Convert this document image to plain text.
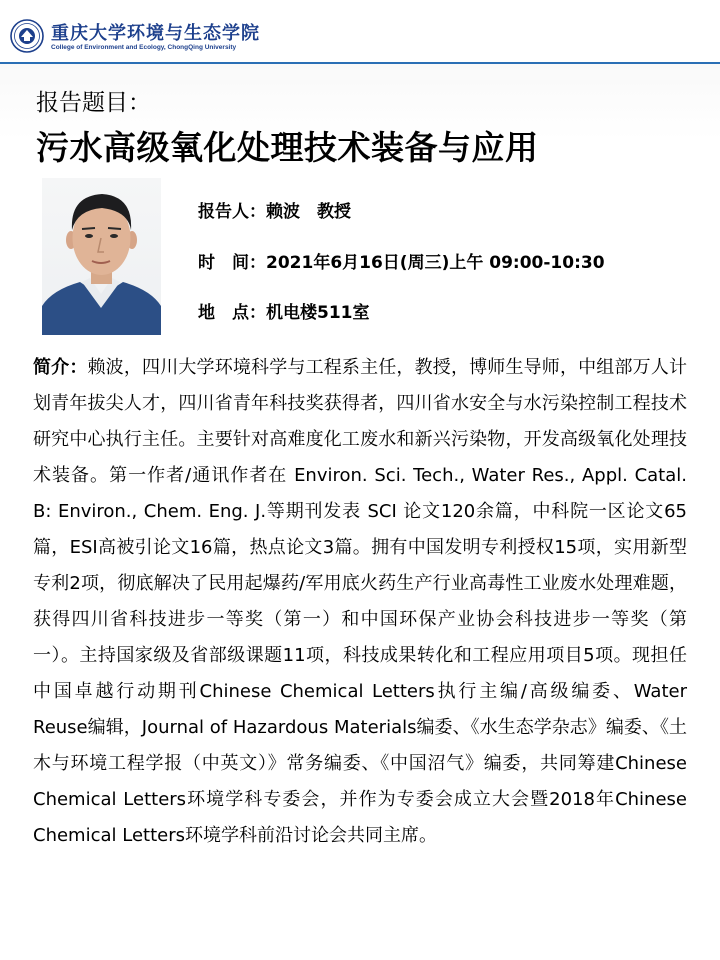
重庆大学环境与生态学院
College of Environment and Ecology, ChongQing University
报告题目：
污水高级氧化处理技术装备与应用
报告人：赖波　教授
时　间：2021年6月16日(周三)上午 09:00-10:30
地　点：机电楼511室
简介：赖波，四川大学环境科学与工程系主任，教授，博师生导师，中组部万人计划青年拔尖人才，四川省青年科技奖获得者，四川省水安全与水污染控制工程技术研究中心执行主任。主要针对高难度化工废水和新兴污染物，开发高级氧化处理技术装备。第一作者/通讯作者在 Environ. Sci. Tech., Water Res., Appl. Catal. B: Environ., Chem. Eng. J.等期刊发表 SCI 论文120余篇，中科院一区论文65篇，ESI高被引论文16篇，热点论文3篇。拥有中国发明专利授权15项，实用新型专利2项，彻底解决了民用起爆药/军用底火药生产行业高毒性工业废水处理难题，获得四川省科技进步一等奖（第一）和中国环保产业协会科技进步一等奖（第一）。主持国家级及省部级课题11项，科技成果转化和工程应用项目5项。现担任中国卓越行动期刊Chinese Chemical Letters执行主编/高级编委、Water Reuse编辑，Journal of Hazardous Materials编委、《水生态学杂志》编委、《土木与环境工程学报（中英文）》常务编委、《中国沼气》编委，共同筹建Chinese Chemical Letters环境学科专委会，并作为专委会成立大会暨2018年Chinese Chemical Letters环境学科前沿讨论会共同主席。
